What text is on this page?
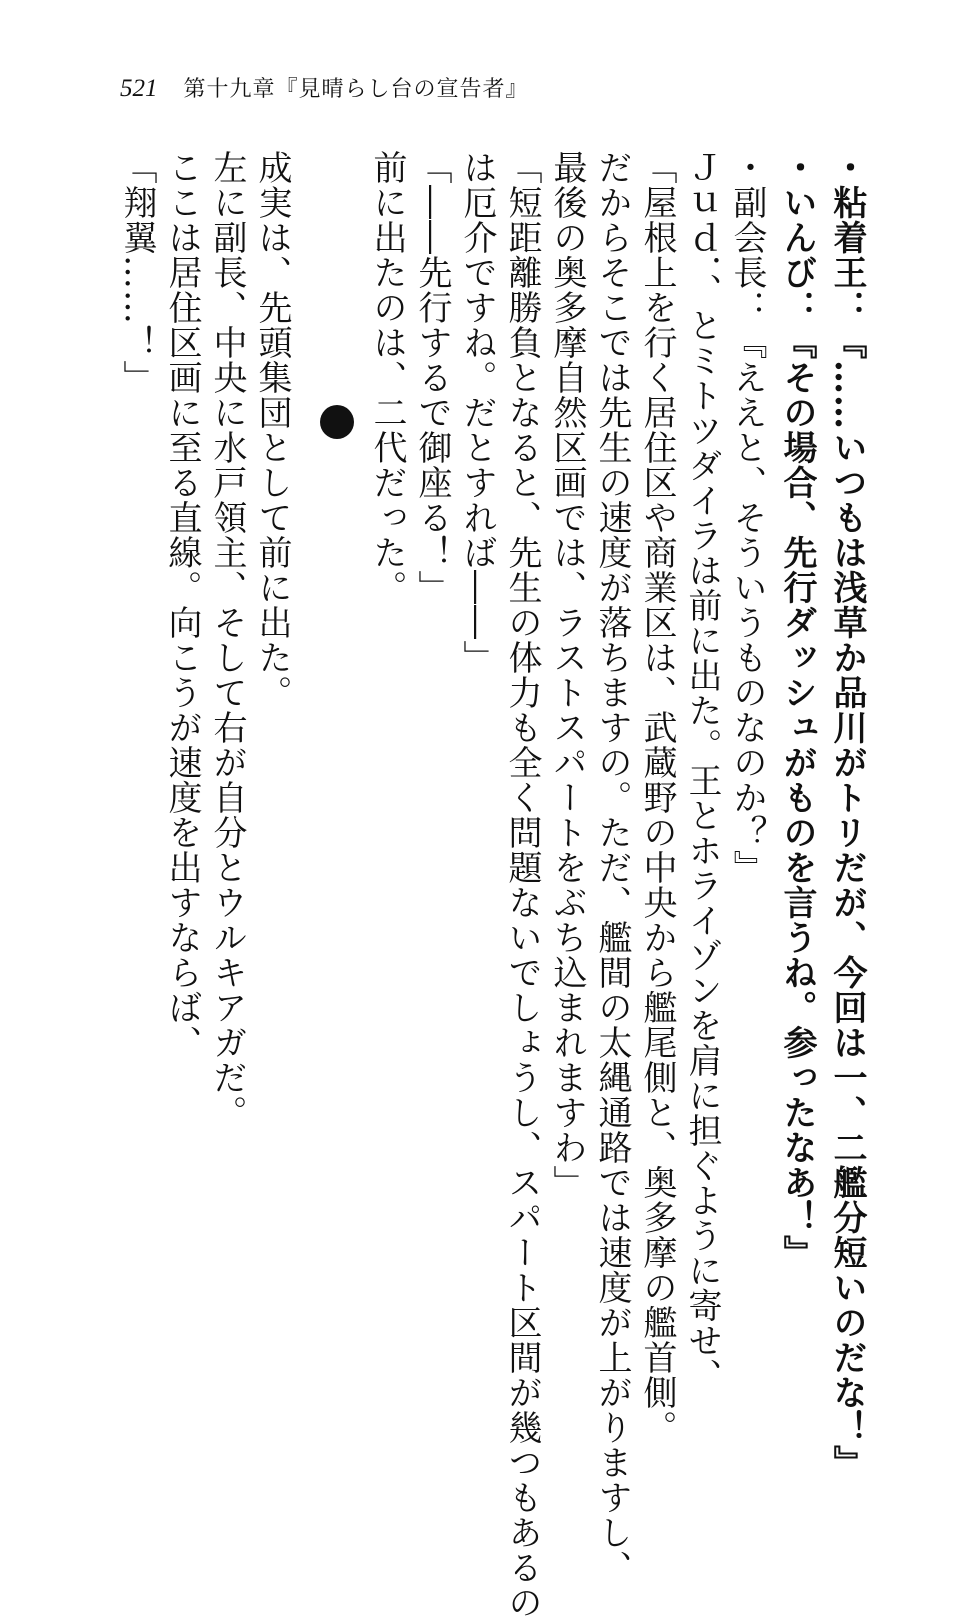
521 第十九章『見晴らし台の宣告者』
・粘着王：『……いつもは浅草か品川がトリだが、今回は一、二艦分短いのだな！』
・いんび：『その場合、先行ダッシュがものを言うね。参ったなあ！』
・副会長：『ええと、そういうものなのか？』
Ｊｕｄ．、とミトツダイラは前に出た。王とホライゾンを肩に担ぐように寄せ、
「屋根上を行く居住区や商業区は、武蔵野の中央から艦尾側と、奥多摩の艦首側。
だからそこでは先生の速度が落ちますの。ただ、艦間の太縄通路では速度が上がりますし、
最後の奥多摩自然区画では、ラストスパートをぶち込まれますわ」
「短距離勝負となると、先生の体力も全く問題ないでしょうし、スパート区間が幾つもあるの
は厄介ですね。だとすれば――」
「――先行するで御座る！」
前に出たのは、二代だった。
成実は、先頭集団として前に出た。
左に副長、中央に水戸領主、そして右が自分とウルキアガだ。
ここは居住区画に至る直線。向こうが速度を出すならば、
「翔翼……！」
